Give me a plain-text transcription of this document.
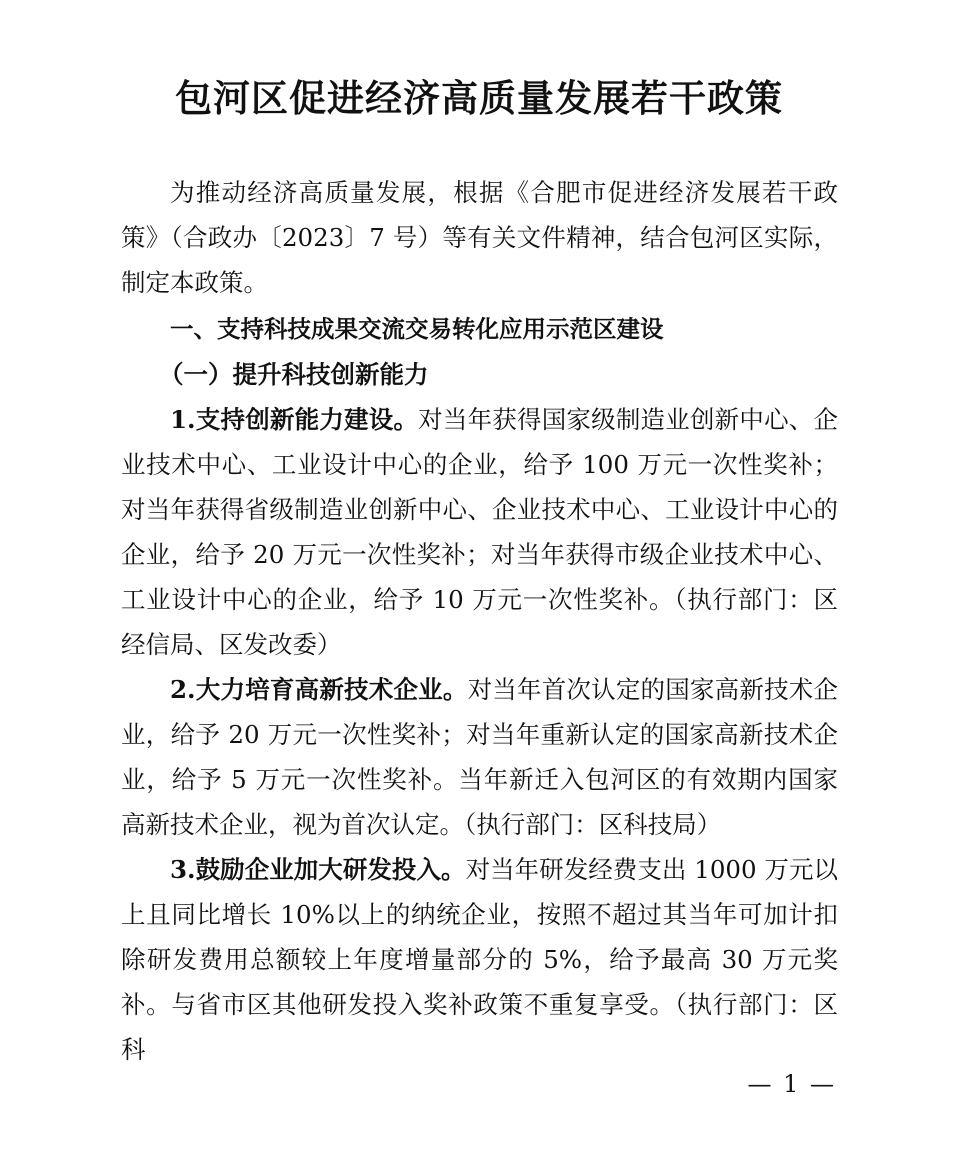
包河区促进经济高质量发展若干政策

为推动经济高质量发展，根据《合肥市促进经济发展若干政策》（合政办〔2023〕7 号）等有关文件精神，结合包河区实际，制定本政策。

一、支持科技成果交流交易转化应用示范区建设

（一）提升科技创新能力

1.支持创新能力建设。对当年获得国家级制造业创新中心、企业技术中心、工业设计中心的企业，给予 100 万元一次性奖补；对当年获得省级制造业创新中心、企业技术中心、工业设计中心的企业，给予 20 万元一次性奖补；对当年获得市级企业技术中心、工业设计中心的企业，给予 10 万元一次性奖补。（执行部门：区经信局、区发改委）

2.大力培育高新技术企业。对当年首次认定的国家高新技术企业，给予 20 万元一次性奖补；对当年重新认定的国家高新技术企业，给予 5 万元一次性奖补。当年新迁入包河区的有效期内国家高新技术企业，视为首次认定。（执行部门：区科技局）

3.鼓励企业加大研发投入。对当年研发经费支出 1000 万元以上且同比增长 10%以上的纳统企业，按照不超过其当年可加计扣除研发费用总额较上年度增量部分的 5%，给予最高 30 万元奖补。与省市区其他研发投入奖补政策不重复享受。（执行部门：区科

— 1 —
